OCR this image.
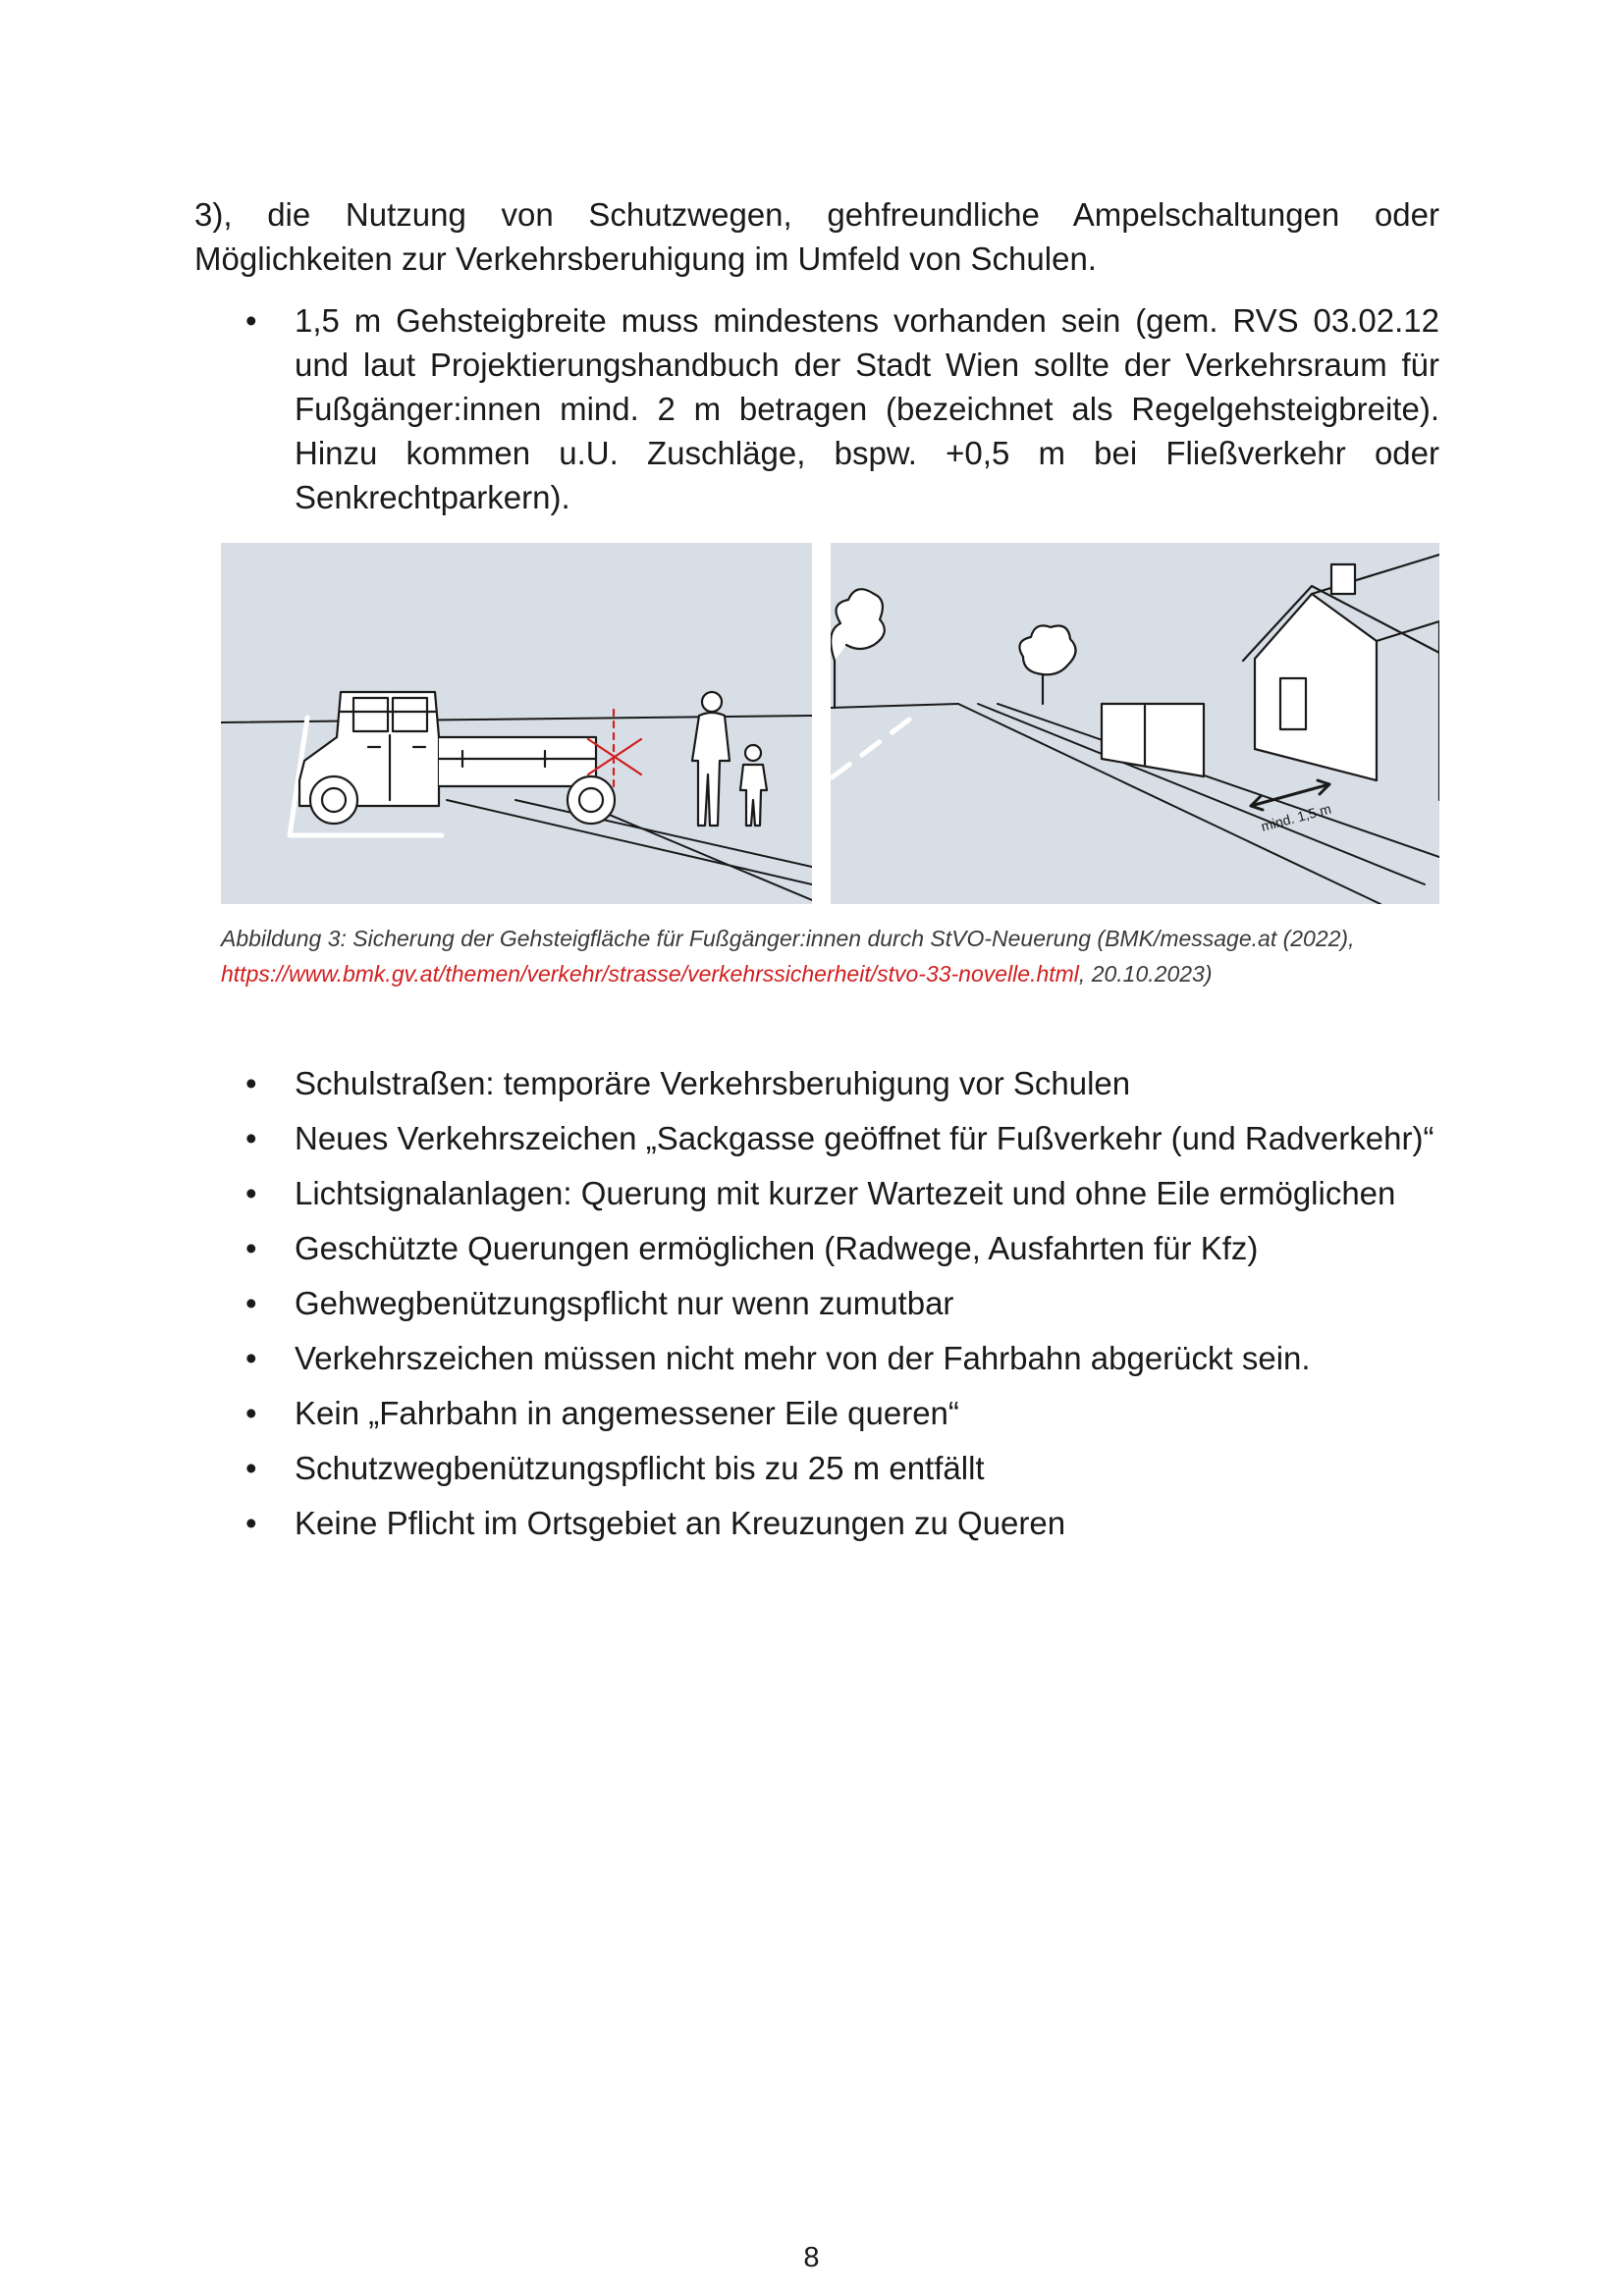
3), die Nutzung von Schutzwegen, gehfreundliche Ampelschaltungen oder Möglichkeiten zur Verkehrsberuhigung im Umfeld von Schulen.

• 1,5 m Gehsteigbreite muss mindestens vorhanden sein (gem. RVS 03.02.12 und laut Projektierungshandbuch der Stadt Wien sollte der Verkehrsraum für Fußgänger:innen mind. 2 m betragen (bezeichnet als Regelgehsteigbreite). Hinzu kommen u.U. Zuschläge, bspw. +0,5 m bei Fließverkehr oder Senkrechtparkern).
mind. 1,5 m

Abbildung 3: Sicherung der Gehsteigfläche für Fußgänger:innen durch StVO-Neuerung (BMK/message.at (2022), https://www.bmk.gv.at/themen/verkehr/strasse/verkehrssicherheit/stvo-33-novelle.html, 20.10.2023)

• Schulstraßen: temporäre Verkehrsberuhigung vor Schulen
• Neues Verkehrszeichen „Sackgasse geöffnet für Fußverkehr (und Radverkehr)“
• Lichtsignalanlagen: Querung mit kurzer Wartezeit und ohne Eile ermöglichen
• Geschützte Querungen ermöglichen (Radwege, Ausfahrten für Kfz)
• Gehwegbenützungspflicht nur wenn zumutbar
• Verkehrszeichen müssen nicht mehr von der Fahrbahn abgerückt sein.
• Kein „Fahrbahn in angemessener Eile queren“
• Schutzwegbenützungspflicht bis zu 25 m entfällt
• Keine Pflicht im Ortsgebiet an Kreuzungen zu Queren
8
